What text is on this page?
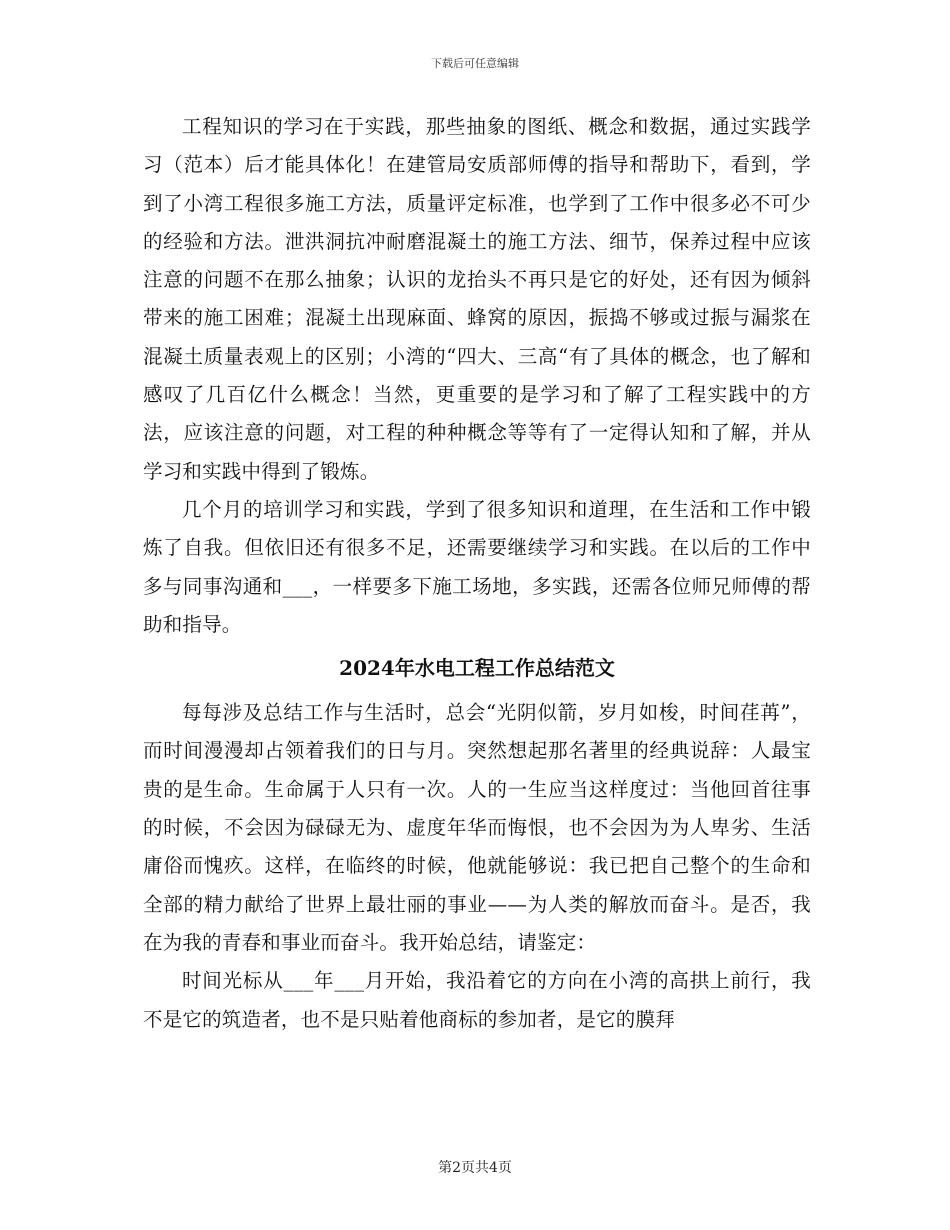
下载后可任意编辑

工程知识的学习在于实践，那些抽象的图纸、概念和数据，通过实践学习（范本）后才能具体化！在建管局安质部师傅的指导和帮助下，看到，学到了小湾工程很多施工方法，质量评定标准，也学到了工作中很多必不可少的经验和方法。泄洪洞抗冲耐磨混凝土的施工方法、细节，保养过程中应该注意的问题不在那么抽象；认识的龙抬头不再只是它的好处，还有因为倾斜带来的施工困难；混凝土出现麻面、蜂窝的原因，振捣不够或过振与漏浆在混凝土质量表观上的区别；小湾的“四大、三高“有了具体的概念，也了解和感叹了几百亿什么概念！当然，更重要的是学习和了解了工程实践中的方法，应该注意的问题，对工程的种种概念等等有了一定得认知和了解，并从学习和实践中得到了锻炼。

几个月的培训学习和实践，学到了很多知识和道理，在生活和工作中锻炼了自我。但依旧还有很多不足，还需要继续学习和实践。在以后的工作中多与同事沟通和___，一样要多下施工场地，多实践，还需各位师兄师傅的帮助和指导。

2024年水电工程工作总结范文

每每涉及总结工作与生活时，总会“光阴似箭，岁月如梭，时间荏苒”，而时间漫漫却占领着我们的日与月。突然想起那名著里的经典说辞：人最宝贵的是生命。生命属于人只有一次。人的一生应当这样度过：当他回首往事的时候，不会因为碌碌无为、虚度年华而悔恨，也不会因为为人卑劣、生活庸俗而愧疚。这样，在临终的时候，他就能够说：我已把自己整个的生命和全部的精力献给了世界上最壮丽的事业——为人类的解放而奋斗。是否，我在为我的青春和事业而奋斗。我开始总结，请鉴定：

时间光标从___年___月开始，我沿着它的方向在小湾的高拱上前行，我不是它的筑造者，也不是只贴着他商标的参加者，是它的膜拜

第2页共4页
